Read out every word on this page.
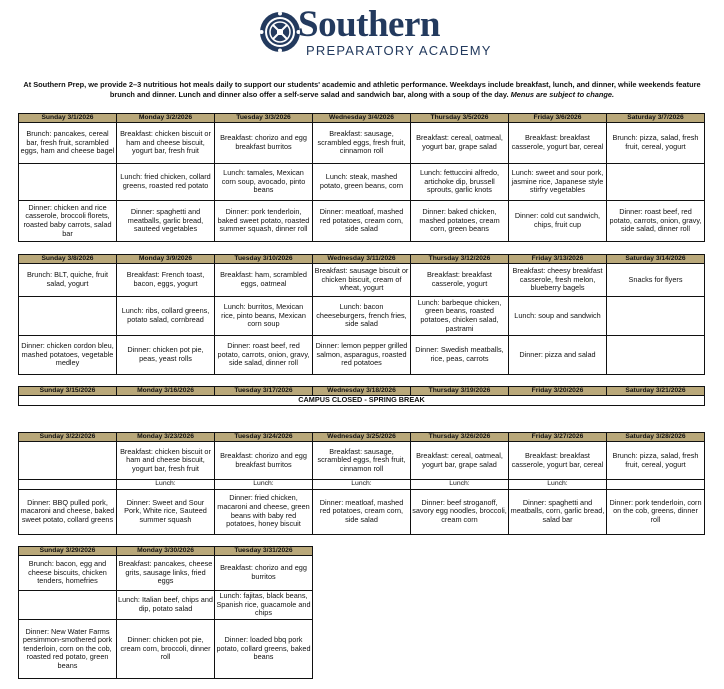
Southern
PREPARATORY ACADEMY
At Southern Prep, we provide 2–3 nutritious hot meals daily to support our students' academic and athletic performance. Weekdays include breakfast, lunch, and dinner, while weekends feature brunch and dinner. Lunch and dinner also offer a self-serve salad and sandwich bar, along with a soup of the day. Menus are subject to change.
Sunday 3/1/2026	Monday 3/2/2026	Tuesday 3/3/2026	Wednesday 3/4/2026	Thursday 3/5/2026	Friday 3/6/2026	Saturday 3/7/2026
Brunch: pancakes, cereal bar, fresh fruit, scrambled eggs, ham and cheese bagel	Breakfast: chicken biscuit or ham and cheese biscuit, yogurt bar, fresh fruit	Breakfast: chorizo and egg breakfast burritos	Breakfast: sausage, scrambled eggs, fresh fruit, cinnamon roll	Breakfast: cereal, oatmeal, yogurt bar, grape salad	Breakfast: breakfast casserole, yogurt bar, cereal	Brunch: pizza, salad, fresh fruit, cereal, yogurt
	Lunch: fried chicken, collard greens, roasted red potato	Lunch: tamales, Mexican corn soup, avocado, pinto beans	Lunch: steak, mashed potato, green beans, corn	Lunch: fettuccini alfredo, artichoke dip, brussell sprouts, garlic knots	Lunch: sweet and sour pork, jasmine rice, Japanese style stirfry vegetables	
Dinner: chicken and rice casserole, broccoli florets, roasted baby carrots, salad bar	Dinner: spaghetti and meatballs, garlic bread, sauteed vegetables	Dinner: pork tenderloin, baked sweet potato, roasted summer squash, dinner roll	Dinner: meatloaf, mashed red potatoes, cream corn, side salad	Dinner: baked chicken, mashed potatoes, cream corn, green beans	Dinner: cold cut sandwich, chips, fruit cup	Dinner: roast beef, red potato, carrots, onion, gravy, side salad, dinner roll
Sunday 3/8/2026	Monday 3/9/2026	Tuesday 3/10/2026	Wednesday 3/11/2026	Thursday 3/12/2026	Friday 3/13/2026	Saturday 3/14/2026
Brunch: BLT, quiche, fruit salad, yogurt	Breakfast: French toast, bacon, eggs, yogurt	Breakfast: ham, scrambled eggs, oatmeal	Breakfast: sausage biscuit or chicken biscuit, cream of wheat, yogurt	Breakfast: breakfast casserole, yogurt	Breakfast: cheesy breakfast casserole, fresh melon, blueberry bagels	Snacks for flyers
	Lunch: ribs, collard greens, potato salad, cornbread	Lunch: burritos, Mexican rice, pinto beans, Mexican corn soup	Lunch: bacon cheeseburgers, french fries, side salad	Lunch: barbeque chicken, green beans, roasted potatoes, chicken salad, pastrami	Lunch: soup and sandwich	
Dinner: chicken cordon bleu, mashed potatoes, vegetable medley	Dinner: chicken pot pie, peas, yeast rolls	Dinner: roast beef, red potato, carrots, onion, gravy, side salad, dinner roll	Dinner: lemon pepper grilled salmon, asparagus, roasted red potatoes	Dinner: Swedish meatballs, rice, peas, carrots	Dinner: pizza and salad	
Sunday 3/15/2026	Monday 3/16/2026	Tuesday 3/17/2026	Wednesday 3/18/2026	Thursday 3/19/2026	Friday 3/20/2026	Saturday 3/21/2026
CAMPUS CLOSED - SPRING BREAK
Sunday 3/22/2026	Monday 3/23/2026	Tuesday 3/24/2026	Wednesday 3/25/2026	Thursday 3/26/2026	Friday 3/27/2026	Saturday 3/28/2026
	Breakfast: chicken biscuit or ham and cheese biscuit, yogurt bar, fresh fruit	Breakfast: chorizo and egg breakfast burritos	Breakfast: sausage, scrambled eggs, fresh fruit, cinnamon roll	Breakfast: cereal, oatmeal, yogurt bar, grape salad	Breakfast: breakfast casserole, yogurt bar, cereal	Brunch: pizza, salad, fresh fruit, cereal, yogurt
	Lunch:	Lunch:	Lunch:	Lunch:	Lunch:	
Dinner: BBQ pulled pork, macaroni and cheese, baked sweet potato, collard greens	Dinner: Sweet and Sour Pork, White rice, Sauteed summer squash	Dinner: fried chicken, macaroni and cheese, green beans with baby red potatoes, honey biscuit	Dinner: meatloaf, mashed red potatoes, cream corn, side salad	Dinner: beef stroganoff, savory egg noodles, broccoli, cream corn	Dinner: spaghetti and meatballs, corn, garlic bread, salad bar	Dinner: pork tenderloin, corn on the cob, greens, dinner roll
Sunday 3/29/2026	Monday 3/30/2026	Tuesday 3/31/2026
Brunch: bacon, egg and cheese biscuits, chicken tenders, homefries	Breakfast: pancakes, cheese grits, sausage links, fried eggs	Breakfast: chorizo and egg burritos
	Lunch: Italian beef, chips and dip, potato salad	Lunch: fajitas, black beans, Spanish rice, guacamole and chips
Dinner: New Water Farms persimmon-smothered pork tenderloin, corn on the cob, roasted red potato, green beans	Dinner: chicken pot pie, cream corn, broccoli, dinner roll	Dinner: loaded bbq pork potato, collard greens, baked beans
